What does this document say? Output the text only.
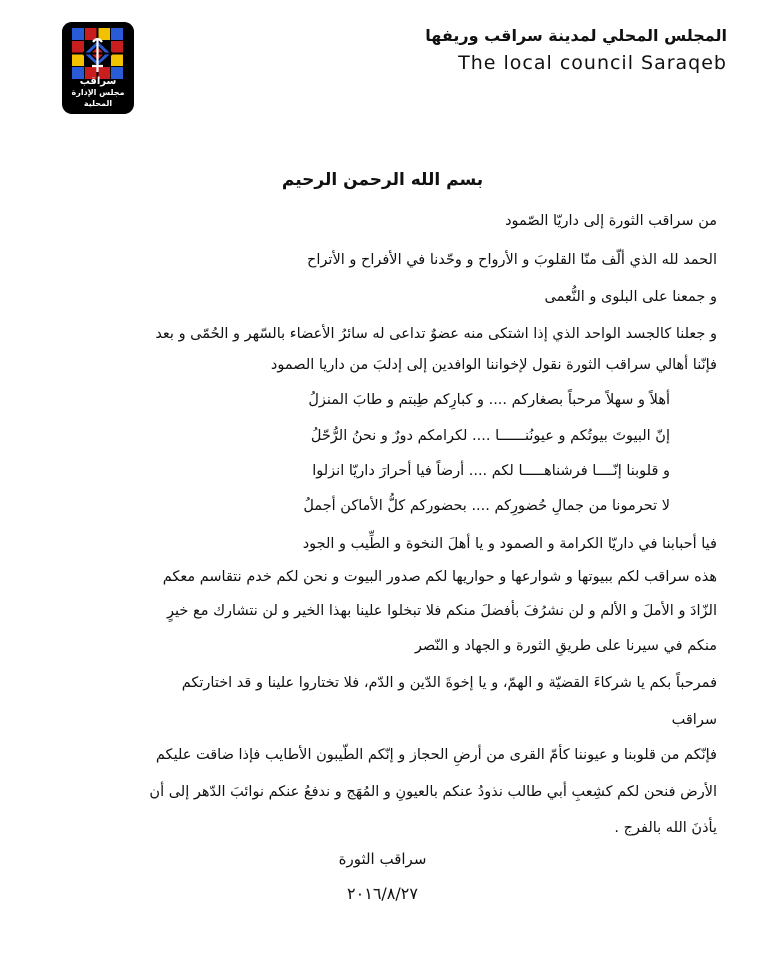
سراقب
مجلس الإدارة المحلية
المجلس المحلي لمدينة سراقب وريفها
The local council Saraqeb
بسم الله الرحمن الرحيم
من سراقب الثورة إلى داريّا الصّمود
الحمد لله الذي ألّف منّا القلوبَ و الأرواح و وحّدنا في الأفراح و الأتراح
و جمعنا على البلوى و النُّعمى
و جعلنا كالجسد الواحد الذي إذا اشتكى منه عضوٌ تداعى له سائرُ الأعضاء بالسّهر و الحُمّى و بعد
فإنّنا أهالي سراقب الثورة نقول لإخواننا الوافدين إلى إدلبَ من داريا الصمود
أهلاً و سهلاً مرحباً بصغاركم .... و كبارِكم طِبتم و طابَ المنزلُ
إنّ البيوتَ بيوتُكم و عيونُنــــــا .... لكرامكم دورٌ و نحنُ الرُّحّلُ
و قلوبنا إنّــــا فرشناهـــــا لكم .... أرضاً فيا أحرارَ داريّا انزلوا
لا تحرمونا من جمالِ حُضورِكم .... بحضوركم كلُّ الأماكن أجملُ
فيا أحبابنا في داريّا الكرامة و الصمود و يا أهلَ النخوة و الطِّيب و الجود
هذه سراقب لكم ببيوتها و شوارعها و حواريها لكم صدور البيوت و نحن لكم خدم نتقاسم معكم
الزّادَ و الأملَ و الألم و لن نشرُفَ بأفضلَ منكم فلا تبخلوا علينا بهذا الخير و لن نتشارك مع خيرٍ
منكم في سيرنا على طريقِ الثورة و الجهاد و النّصر
فمرحباً بكم يا شركاءَ القضيّة و الهمّ، و يا إخوةَ الدّين و الدّم، فلا تختاروا علينا و قد اختارتكم
سراقب
فإنّكم من قلوبنا و عيوننا كأمّ القرى من أرضِ الحجاز و إنّكم الطّيبون الأطايب فإذا ضاقت عليكم
الأرض فنحن لكم كشِعبِ أبي طالب نذودُ عنكم بالعيونِ و المُهَج و ندفعُ عنكم نوائبَ الدّهر إلى أن
يأذنَ الله بالفرج .
سراقب الثورة
٢٠١٦/٨/٢٧
